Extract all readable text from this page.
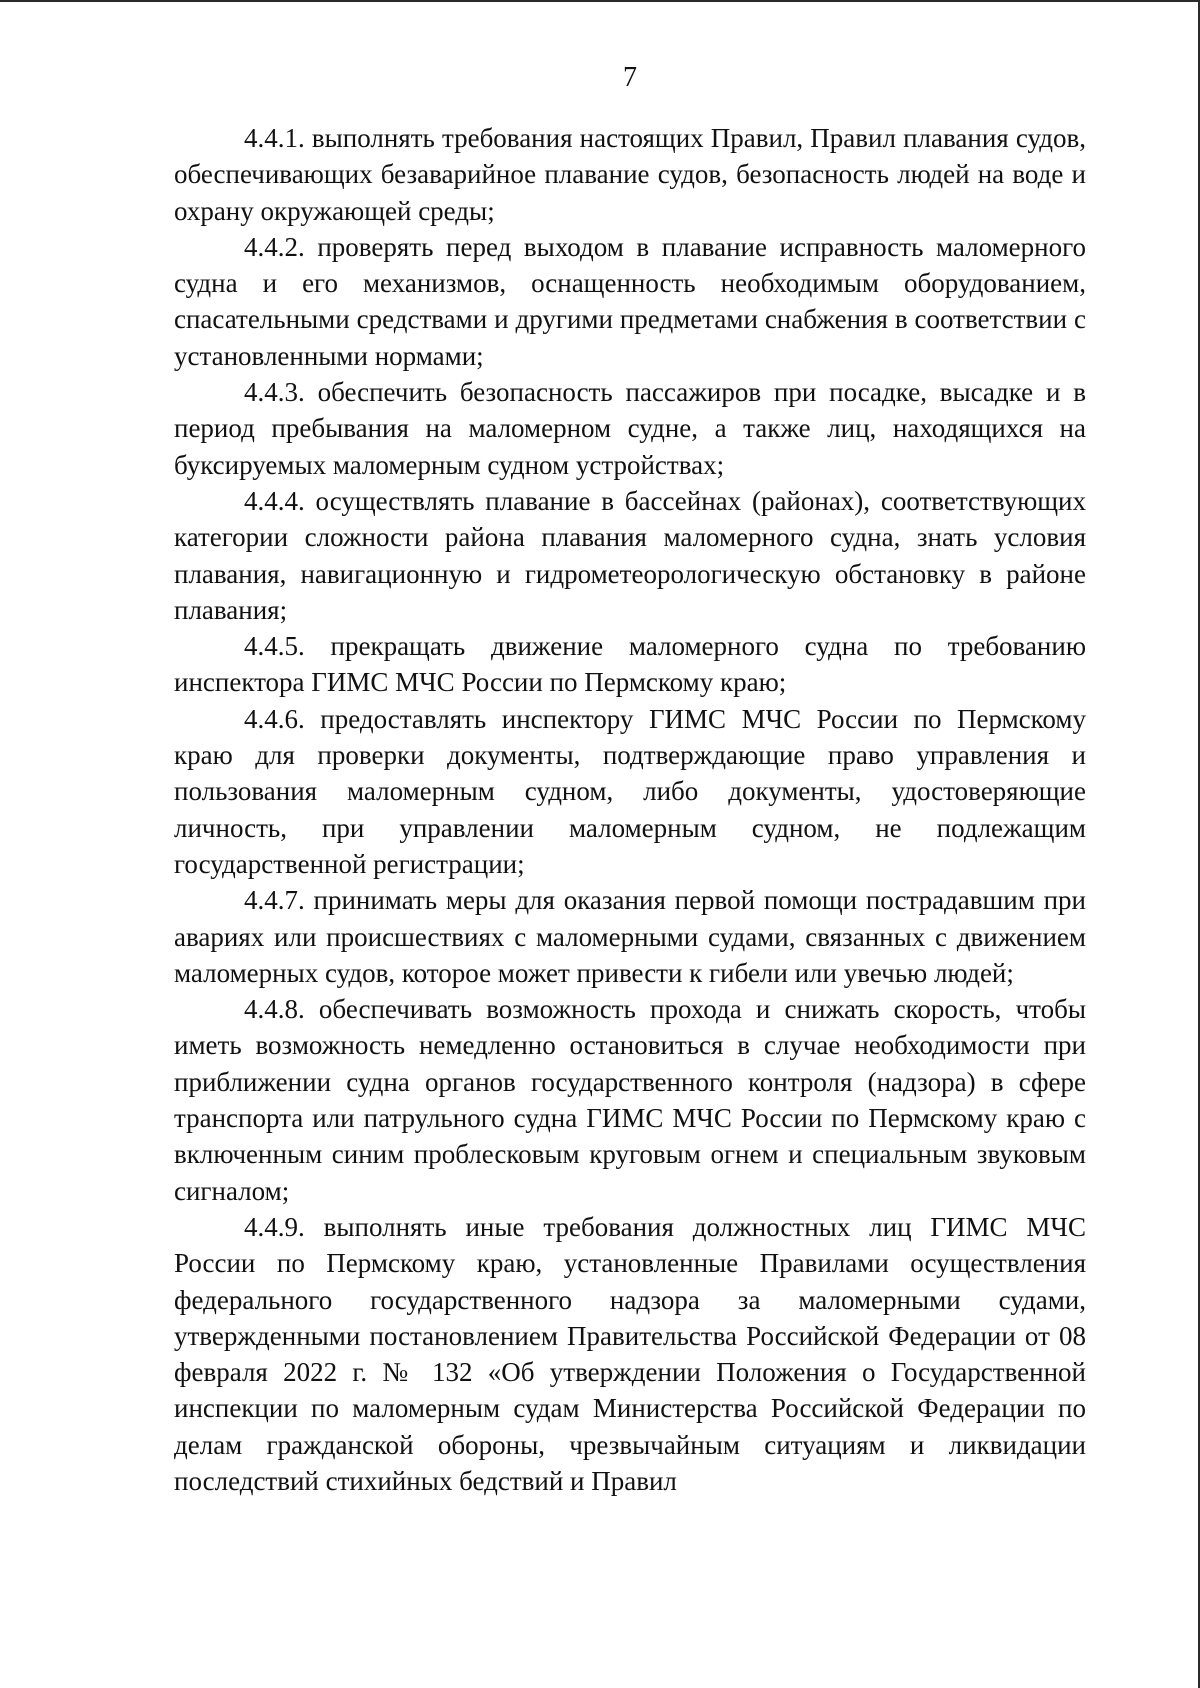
7

4.4.1. выполнять требования настоящих Правил, Правил плавания судов, обеспечивающих безаварийное плавание судов, безопасность людей на воде и охрану окружающей среды;

4.4.2. проверять перед выходом в плавание исправность маломерного судна и его механизмов, оснащенность необходимым оборудованием, спасательными средствами и другими предметами снабжения в соответствии с установленными нормами;

4.4.3. обеспечить безопасность пассажиров при посадке, высадке и в период пребывания на маломерном судне, а также лиц, находящихся на буксируемых маломерным судном устройствах;

4.4.4. осуществлять плавание в бассейнах (районах), соответствующих категории сложности района плавания маломерного судна, знать условия плавания, навигационную и гидрометеорологическую обстановку в районе плавания;

4.4.5. прекращать движение маломерного судна по требованию инспектора ГИМС МЧС России по Пермскому краю;

4.4.6. предоставлять инспектору ГИМС МЧС России по Пермскому краю для проверки документы, подтверждающие право управления и пользования маломерным судном, либо документы, удостоверяющие личность, при управлении маломерным судном, не подлежащим государственной регистрации;

4.4.7. принимать меры для оказания первой помощи пострадавшим при авариях или происшествиях с маломерными судами, связанных с движением маломерных судов, которое может привести к гибели или увечью людей;

4.4.8. обеспечивать возможность прохода и снижать скорость, чтобы иметь возможность немедленно остановиться в случае необходимости при приближении судна органов государственного контроля (надзора) в сфере транспорта или патрульного судна ГИМС МЧС России по Пермскому краю с включенным синим проблесковым круговым огнем и специальным звуковым сигналом;

4.4.9. выполнять иные требования должностных лиц ГИМС МЧС России по Пермскому краю, установленные Правилами осуществления федерального государственного надзора за маломерными судами, утвержденными постановлением Правительства Российской Федерации от 08 февраля 2022 г. № 132 «Об утверждении Положения о Государственной инспекции по маломерным судам Министерства Российской Федерации по делам гражданской обороны, чрезвычайным ситуациям и ликвидации последствий стихийных бедствий и Правил
